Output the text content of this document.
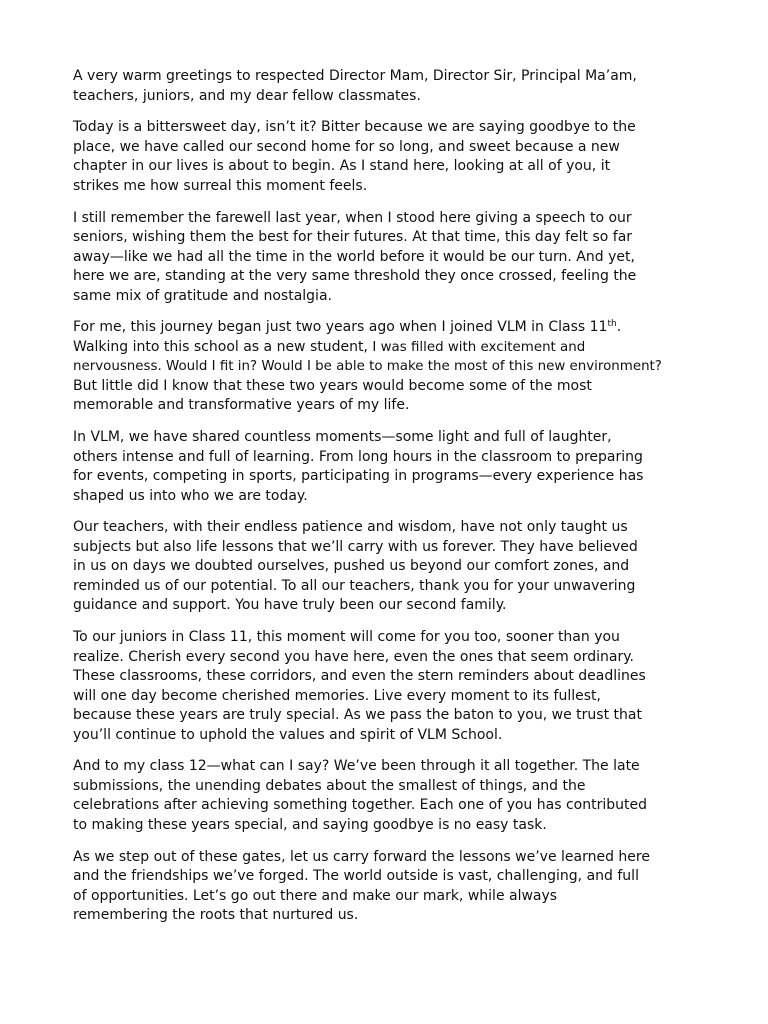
A very warm greetings to respected Director Mam, Director Sir, Principal Ma’am,
teachers, juniors, and my dear fellow classmates.
Today is a bittersweet day, isn’t it? Bitter because we are saying goodbye to the
place, we have called our second home for so long, and sweet because a new
chapter in our lives is about to begin. As I stand here, looking at all of you, it
strikes me how surreal this moment feels.
I still remember the farewell last year, when I stood here giving a speech to our
seniors, wishing them the best for their futures. At that time, this day felt so far
away—like we had all the time in the world before it would be our turn. And yet,
here we are, standing at the very same threshold they once crossed, feeling the
same mix of gratitude and nostalgia.
For me, this journey began just two years ago when I joined VLM in Class 11th.
Walking into this school as a new student, I was filled with excitement and
nervousness. Would I fit in? Would I be able to make the most of this new environment?
But little did I know that these two years would become some of the most
memorable and transformative years of my life.
In VLM, we have shared countless moments—some light and full of laughter,
others intense and full of learning. From long hours in the classroom to preparing
for events, competing in sports, participating in programs—every experience has
shaped us into who we are today.
Our teachers, with their endless patience and wisdom, have not only taught us
subjects but also life lessons that we’ll carry with us forever. They have believed
in us on days we doubted ourselves, pushed us beyond our comfort zones, and
reminded us of our potential. To all our teachers, thank you for your unwavering
guidance and support. You have truly been our second family.
To our juniors in Class 11, this moment will come for you too, sooner than you
realize. Cherish every second you have here, even the ones that seem ordinary.
These classrooms, these corridors, and even the stern reminders about deadlines
will one day become cherished memories. Live every moment to its fullest,
because these years are truly special. As we pass the baton to you, we trust that
you’ll continue to uphold the values and spirit of VLM School.
And to my class 12—what can I say? We’ve been through it all together. The late
submissions, the unending debates about the smallest of things, and the
celebrations after achieving something together. Each one of you has contributed
to making these years special, and saying goodbye is no easy task.
As we step out of these gates, let us carry forward the lessons we’ve learned here
and the friendships we’ve forged. The world outside is vast, challenging, and full
of opportunities. Let’s go out there and make our mark, while always
remembering the roots that nurtured us.
